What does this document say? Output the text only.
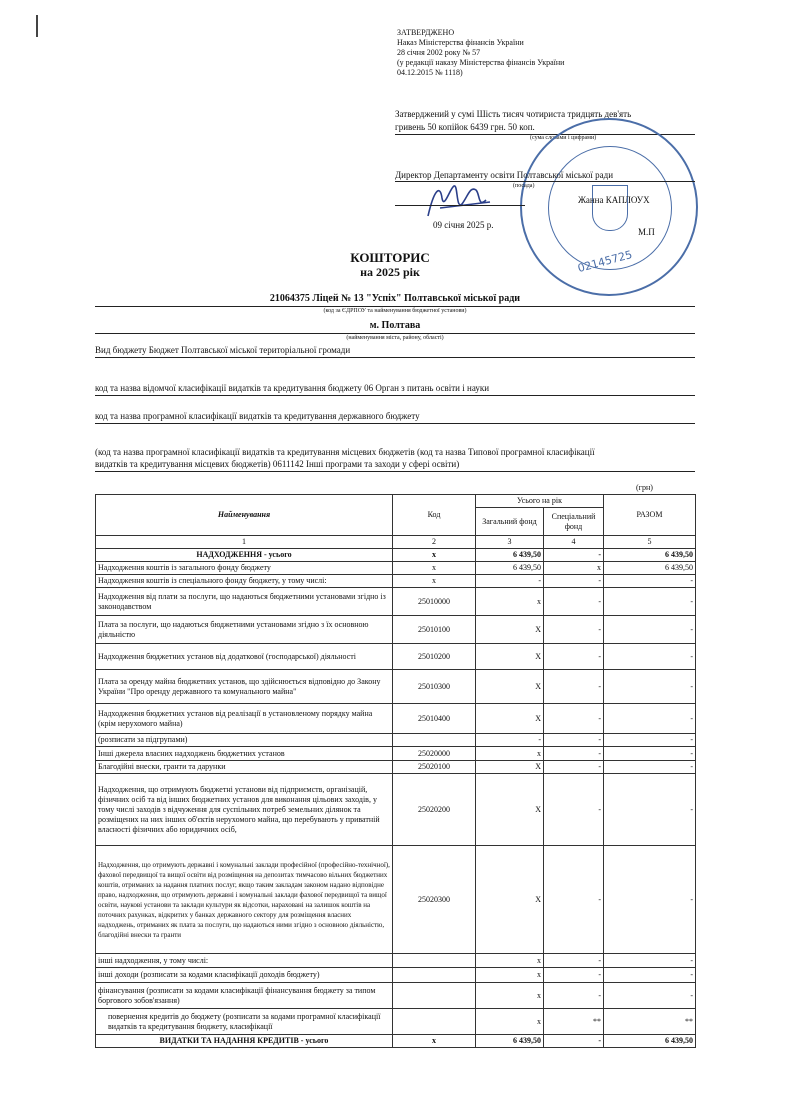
ЗАТВЕРДЖЕНО
Наказ Міністерства фінансів України
28 січня 2002 року № 57
(у редакції наказу Міністерства фінансів України
04.12.2015 № 1118)
Затверджений у сумі Шість тисяч чотириста тридцять дев'ять
гривень 50 копійок 6439 грн. 50 коп.
(сума словами і цифрами)
02145725
Директор Департаменту освіти Полтавської міської ради
(посада)
Жанна КАПЛОУХ
09 січня 2025 р.
М.П
КОШТОРИС
на 2025 рік
21064375 Ліцей № 13 "Успіх" Полтавської міської ради
(код за ЄДРПОУ та найменування бюджетної установи)
м. Полтава
(найменування міста, району, області)
Вид бюджету Бюджет Полтавської міської територіальної громади
код та назва відомчої класифікації видатків та кредитування бюджету 06 Орган з питань освіти і науки
код та назва програмної класифікації видатків та кредитування державного бюджету
(код та назва програмної класифікації видатків та кредитування місцевих бюджетів (код та назва Типової програмної класифікації
видатків та кредитування місцевих бюджетів) 0611142 Інші програми та заходи у сфері освіти)
(грн)
Найменування	Код	Усього на рік		РАЗОМ
		Загальний фонд	Спеціальний фонд	
1	2	3	4	5
НАДХОДЖЕННЯ - усього	х	6 439,50	-	6 439,50
Надходження коштів із загального фонду бюджету	х	6 439,50	х	6 439,50
Надходження коштів із спеціального фонду бюджету, у тому числі:	х	-	-	-
Надходження від плати за послуги, що надаються бюджетними установами згідно із законодавством	25010000	х	-	-
Плата за послуги, що надаються бюджетними установами згідно з їх основною діяльністю	25010100	Х	-	-
Надходження бюджетних установ від додаткової (господарської) діяльності	25010200	Х	-	-
Плата за оренду майна бюджетних установ, що здійснюється відповідно до Закону України "Про оренду державного та комунального майна"	25010300	Х	-	-
Надходження бюджетних установ від реалізації в установленому порядку майна (крім нерухомого майна)	25010400	Х	-	-
(розписати за підгрупами)		-	-	-
Інші джерела власних надходжень бюджетних установ	25020000	х	-	-
Благодійні внески, гранти та дарунки	25020100	Х	-	-
Надходження, що отримують бюджетні установи від підприємств, організацій, фізичних осіб та від інших бюджетних установ для виконання цільових заходів, у тому числі заходів з відчуження для суспільних потреб земельних ділянок та розміщених на них інших об'єктів нерухомого майна, що перебувають у приватній власності фізичних або юридичних осіб,	25020200	Х	-	-
Надходження, що отримують державні і комунальні заклади професійної (професійно-технічної), фахової передвищої та вищої освіти від розміщення на депозитах тимчасово вільних бюджетних коштів, отриманих за надання платних послуг, якщо таким закладам законом надано відповідне право, надходження, що отримують державні і комунальні заклади фахової передвищої та вищої освіти, наукові установи та заклади культури як відсотки, нараховані на залишок коштів на поточних рахунках, відкритих у банках державного сектору для розміщення власних надходжень, отриманих як плата за послуги, що надаються ними згідно з основною діяльністю, благодійні внески та гранти	25020300	Х	-	-
інші надходження, у тому числі:		х	-	-
інші доходи (розписати за кодами класифікації доходів бюджету)		х	-	-
фінансування (розписати за кодами класифікації фінансування бюджету за типом боргового зобов'язання)		х	-	-
повернення кредитів до бюджету (розписати за кодами програмної класифікації видатків та кредитування бюджету, класифікації		х	**	**
ВИДАТКИ ТА НАДАННЯ КРЕДИТІВ - усього	х	6 439,50	-	6 439,50
